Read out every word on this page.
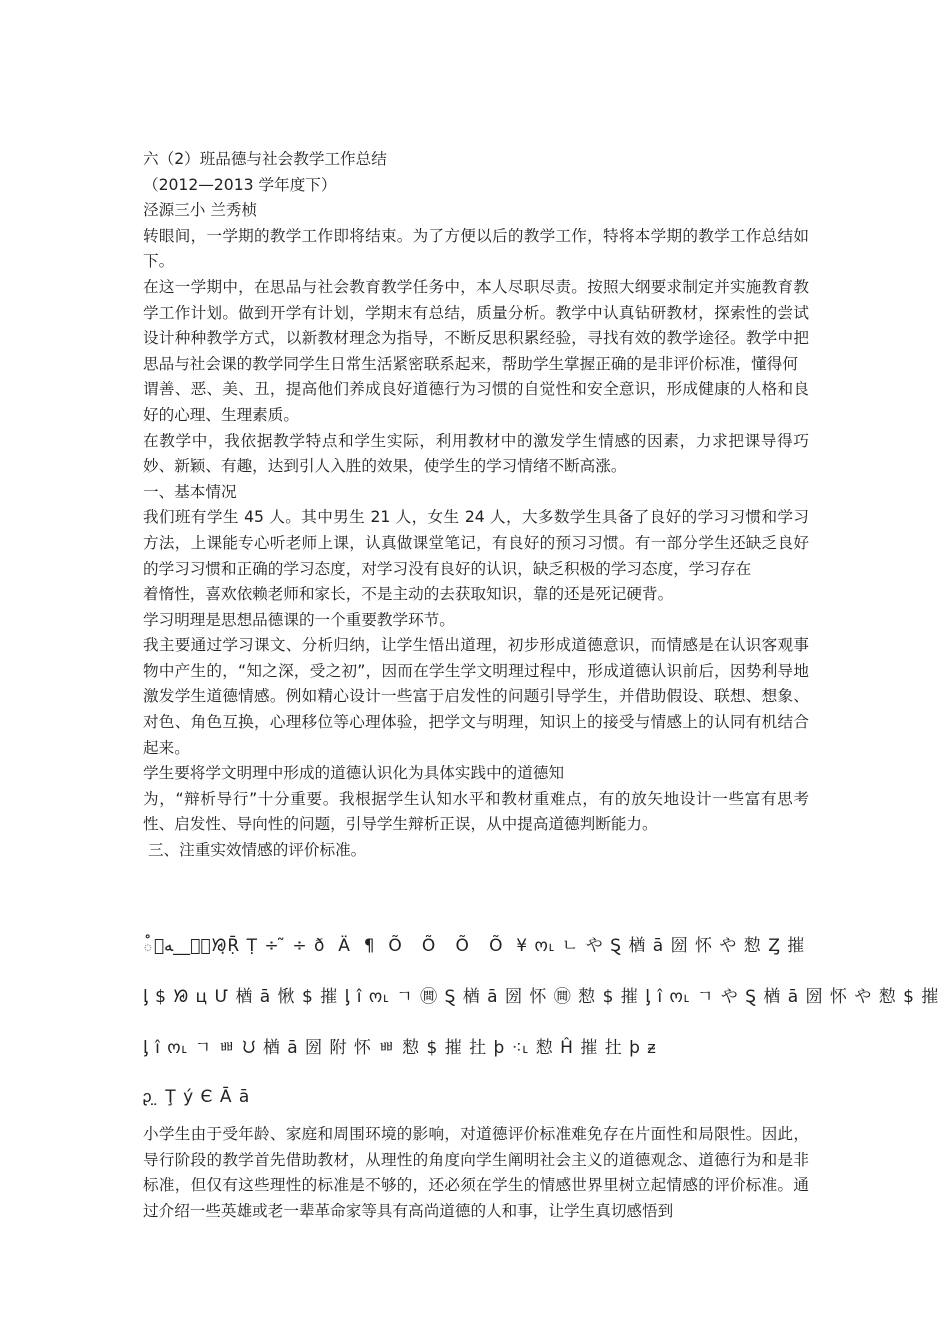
六（2）班品德与社会教学工作总结

（2012—2013 学年度下）

泾源三小 兰秀桢

转眼间，一学期的教学工作即将结束。为了方便以后的教学工作，特将本学期的教学工作总结如下。

在这一学期中，在思品与社会教育教学任务中，本人尽职尽责。按照大纲要求制定并实施教育教学工作计划。做到开学有计划，学期末有总结，质量分析。教学中认真钻研教材，探索性的尝试设计种种教学方式，以新教材理念为指导，不断反思积累经验，寻找有效的教学途径。教学中把思品与社会课的教学同学生日常生活紧密联系起来，帮助学生掌握正确的是非评价标准，懂得何

谓善、恶、美、丑，提高他们养成良好道德行为习惯的自觉性和安全意识，形成健康的人格和良好的心理、生理素质。

在教学中，我依据教学特点和学生实际，利用教材中的激发学生情感的因素，力求把课导得巧妙、新颖、有趣，达到引人入胜的效果，使学生的学习情绪不断高涨。

一、基本情况

我们班有学生 45 人。其中男生 21 人，女生 24 人，大多数学生具备了良好的学习习惯和学习方法，上课能专心听老师上课，认真做课堂笔记，有良好的预习习惯。有一部分学生还缺乏良好的学习习惯和正确的学习态度，对学习没有良好的认识，缺乏积极的学习态度，学习存在

着惰性，喜欢依赖老师和家长，不是主动的去获取知识，靠的还是死记硬背。

学习明理是思想品德课的一个重要教学环节。

我主要通过学习课文、分析归纳，让学生悟出道理，初步形成道德意识，而情感是在认识客观事物中产生的，“知之深，受之初”，因而在学生学文明理过程中，形成道德认识前后，因势利导地激发学生道德情感。例如精心设计一些富于启发性的问题引导学生，并借助假设、联想、想象、对色、角色互换，心理移位等心理体验，把学文与明理，知识上的接受与情感上的认同有机结合起来。

学生要将学文明理中形成的道德认识化为具体实践中的道德知

为，“辩析导行”十分重要。我根据学生认知水平和教材重难点，有的放矢地设计一些富有思考性、启发性、导向性的问题，引导学生辩析正误，从中提高道德判断能力。

三、注重实效情感的评价标准。

ఄﻪ᷊__ᶗ᪺ᘟ̣Ṝ Ṭ ÷ ̃ ÷ ð ͏ Ä ͏ ¶ ͏ Õ ͏ ͏ Õ ͏ ͏ Õ ͏ ͏ Õ ͏ ¥ ო˪ ㄴ や Ȿ 楢 ā 圀 ͏怀 や 愸 Ȥ 摧
ᶅ $ ᘟ ͏ц Մ 楢 ā 愀 $ 摧 ᶅ î ო˪ ㄱ ㉄ Ȿ 楢 ā 圀 ͏怀 ㉄ 愸 $ 摧 ᶅ î ო˪ ㄱ や Ȿ 楢 ā 圀 ͏怀 や 愸 $ 摧
ᶅ î ო˪ ㄱ ㅃ ᙀ 楢 ā 圀 附 怀 ㅃ 愸 $ 摧 扗 þ ⁖˪ 愸 Ĥ 摧 扗 þ ᵶ
ᶗ ̤ Ţ ý Є Ā ā

小学生由于受年龄、家庭和周围环境的影响，对道德评价标准难免存在片面性和局限性。因此，导行阶段的教学首先借助教材，从理性的角度向学生阐明社会主义的道德观念、道德行为和是非标准，但仅有这些理性的标准是不够的，还必须在学生的情感世界里树立起情感的评价标准。通过介绍一些英雄或老一辈革命家等具有高尚道德的人和事，让学生真切感悟到
